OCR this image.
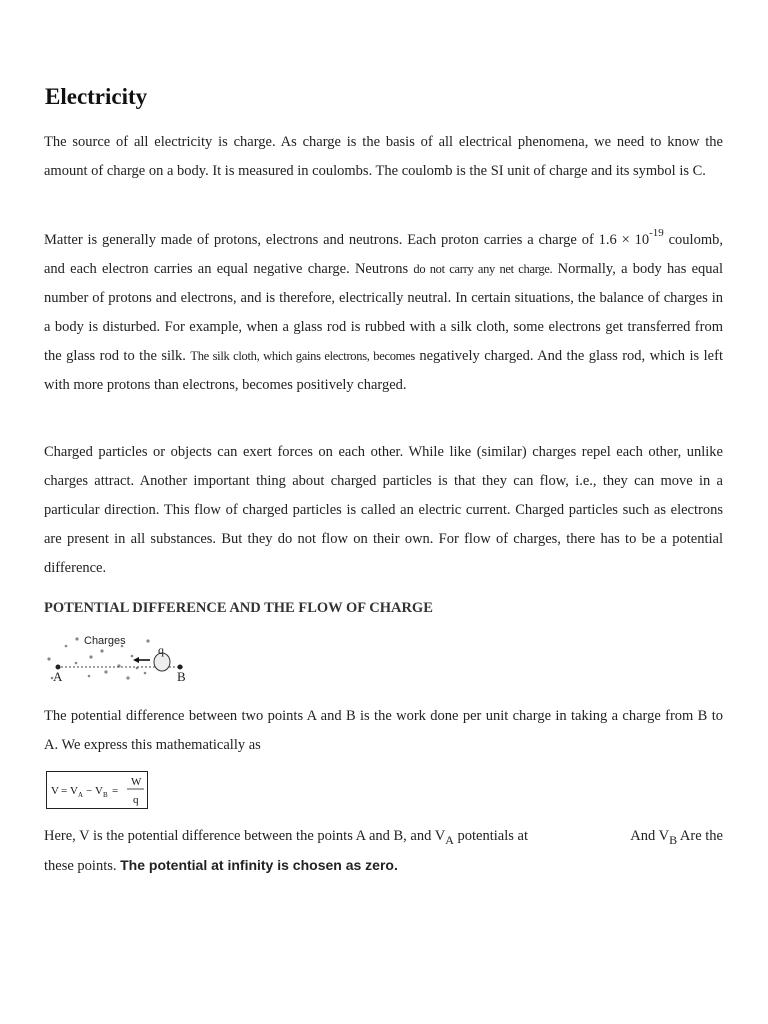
Electricity

The source of all electricity is charge. As charge is the basis of all electrical phenomena, we need to know the amount of charge on a body. It is measured in coulombs. The coulomb is the SI unit of charge and its symbol is C.

Matter is generally made of protons, electrons and neutrons. Each proton carries a charge of $1.6 \times 10^{-19}$ coulomb, and each electron carries an equal negative charge. Neutrons do not carry any net charge. Normally, a body has equal number of protons and electrons, and is therefore, electrically neutral. In certain situations, the balance of charges in a body is disturbed. For example, when a glass rod is rubbed with a silk cloth, some electrons get transferred from the glass rod to the silk. The silk cloth, which gains electrons, becomes negatively charged. And the glass rod, which is left with more protons than electrons, becomes positively charged.

Charged particles or objects can exert forces on each other. While like (similar) charges repel each other, unlike charges attract. Another important thing about charged particles is that they can flow, i.e., they can move in a particular direction. This flow of charged particles is called an electric current. Charged particles such as electrons are present in all substances. But they do not flow on their own. For flow of charges, there has to be a potential difference.

POTENTIAL DIFFERENCE AND THE FLOW OF CHARGE
Charges
q
A	B

The potential difference between two points A and B is the work done per unit charge in taking a charge from B to A. We express this mathematically as

V = V A − V B =
W
q
Here, V is the potential difference between the points A and B, and $V_A$ potentials at	And $V_B$ Are the
these points. The potential at infinity is chosen as zero.
